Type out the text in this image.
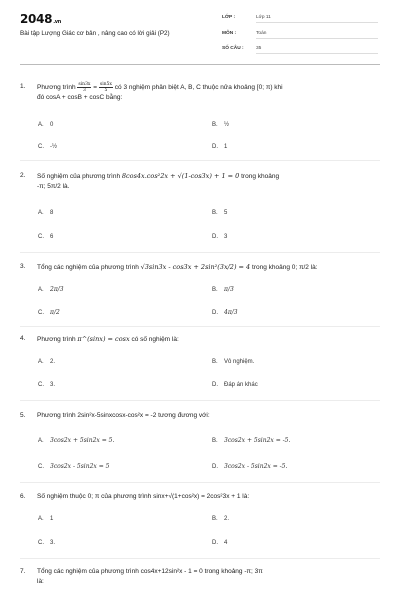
2048.vn
Bài tập Lượng Giác cơ bản , nâng cao có lời giải (P2)
LỚP :	Lớp 11
MÔN :	Toán
SỐ CÂU :	35
1. Phương trình $\frac{\sin 3x}{3} = \frac{\sin 5x}{5}$ có 3 nghiệm phân biệt A, B, C thuộc nửa khoảng [0; π) khi
đó cosA + cosB + cosC bằng:
A. 0	B. ½
C. -½	D. 1
2. Số nghiệm của phương trình 8cos4x.cos²2x + √(1-cos3x) + 1 = 0 trong khoảng
-π; 5π/2 là.
A. 8	B. 5
C. 6	D. 3
3. Tổng các nghiệm của phương trình √3sin3x - cos3x + 2sin²(3x/2) = 4 trong khoảng 0; π/2 là:
A. 2π/3	B. π/3
C. π/2	D. 4π/3
4. Phương trình π^(sinx) = cosx có số nghiệm là:
A. 2.	B. Vô nghiệm.
C. 3.	D. Đáp án khác
5. Phương trình 2sin²x-5sinxcosx-cos²x = -2 tương đương với:
A. 3cos2x + 5sin2x = 5.	B. 3cos2x + 5sin2x = -5.
C. 3cos2x - 5sin2x = 5	D. 3cos2x - 5sin2x = -5.
6. Số nghiệm thuộc 0; π của phương trình sinx+√(1+cos²x) = 2cos²3x + 1 là:
A. 1	B. 2.
C. 3.	D. 4
7. Tổng các nghiệm của phương trình cos4x+12sin²x - 1 = 0 trong khoảng -π; 3π
là:
